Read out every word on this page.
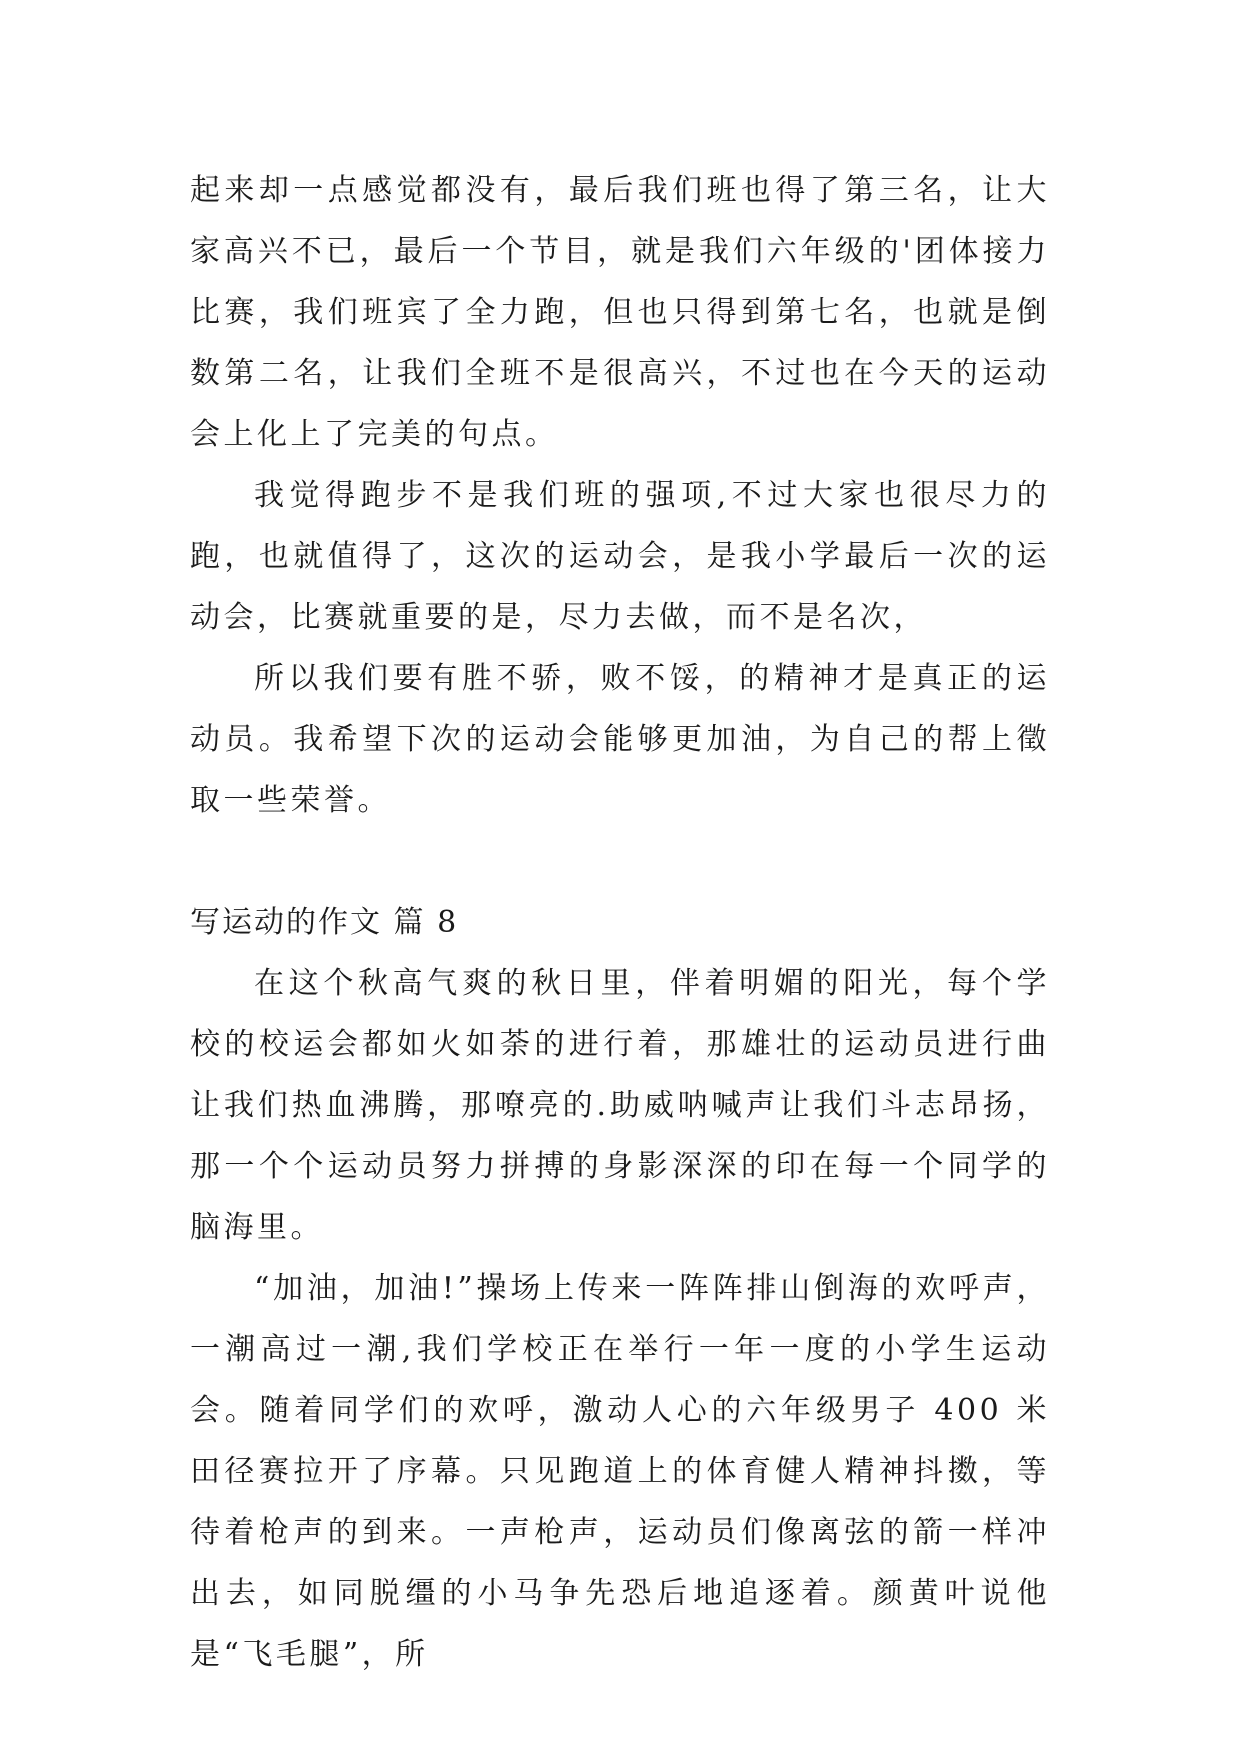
起来却一点感觉都没有，最后我们班也得了第三名，让大家高兴不已，最后一个节目，就是我们六年级的'团体接力比赛，我们班宾了全力跑，但也只得到第七名，也就是倒数第二名，让我们全班不是很高兴，不过也在今天的运动会上化上了完美的句点。

我觉得跑步不是我们班的强项,不过大家也很尽力的跑，也就值得了，这次的运动会，是我小学最后一次的运动会，比赛就重要的是，尽力去做，而不是名次，

所以我们要有胜不骄，败不馁，的精神才是真正的运动员。我希望下次的运动会能够更加油，为自己的帮上徵取一些荣誉。

写运动的作文 篇 8

在这个秋高气爽的秋日里，伴着明媚的阳光，每个学校的校运会都如火如荼的进行着，那雄壮的运动员进行曲让我们热血沸腾，那嘹亮的.助威呐喊声让我们斗志昂扬，那一个个运动员努力拼搏的身影深深的印在每一个同学的脑海里。

“加油，加油!”操场上传来一阵阵排山倒海的欢呼声，一潮高过一潮,我们学校正在举行一年一度的小学生运动会。随着同学们的欢呼，激动人心的六年级男子 400 米田径赛拉开了序幕。只见跑道上的体育健人精神抖擞，等待着枪声的到来。一声枪声，运动员们像离弦的箭一样冲出去，如同脱缰的小马争先恐后地追逐着。颜黄叶说他是“飞毛腿”，所
